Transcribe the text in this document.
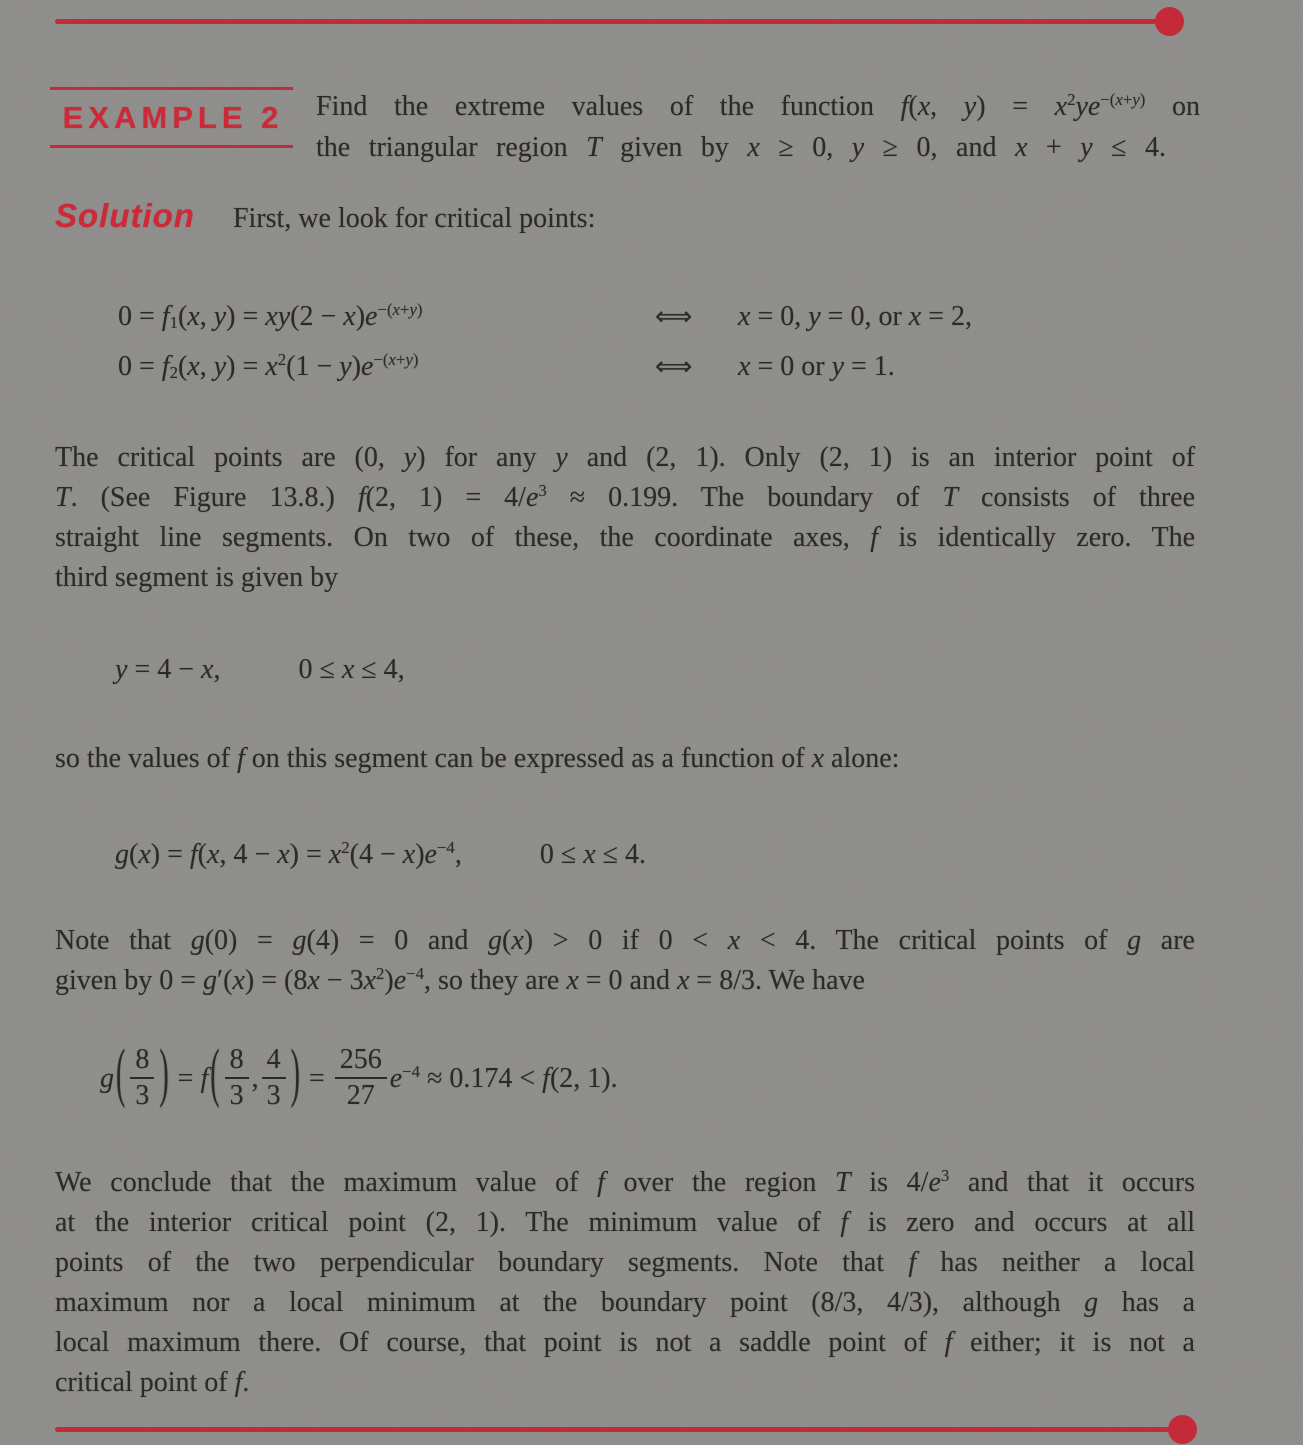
EXAMPLE 2	Find the extreme values of the function f(x, $y) = x^2ye^{-(x+y)}$ on
the triangular region T given by x ≥ 0, y ≥ 0, and x + y ≤ 4.
Solution First, we look for critical points:
$0 = f_1(x$, $y) = xy(2 - x)e^{-(x+y)}$	⟺	x = 0, y = 0, or x = 2,
$0 = f_2(x$, $y) = x^2(1 - y)e^{-(x+y)}$	⟺	x = 0 or y = 1.
The critical points are (0, y) for any y and (2, 1). Only (2, 1) is an interior point of
T. (See Figure 13.8.) f(2, $1) = 4/e^3 \approx 0.199$. The boundary of T consists of three
straight line segments. On two of these, the coordinate axes, f is identically zero. The
third segment is given by
y = 4 − x,	0 ≤ x ≤ 4,
so the values of f on this segment can be expressed as a function of x alone:
g(x) = f(x, $4 - x) = x^2(4 - x)e^{-4}$,	0 ≤ x ≤ 4.
Note that g(0) = g(4) = 0 and g(x) > 0 if 0 < x < 4. The critical points of g are
given by $0 = g'(x) = (8x - 3x^2)e^{-4}$, so they are x = 0 and x = 8/3. We have
$g( \frac{8}{3}$ ) = $f( \frac{8}{3}$ , $\frac{4}{3}$ ) = $\frac{256}{27} e^{-4} \approx 0.174 < f(2$, 1).
We conclude that the maximum value of f over the region T is $4/e^3$ and that it occurs
at the interior critical point (2, 1). The minimum value of f is zero and occurs at all
points of the two perpendicular boundary segments. Note that f has neither a local
maximum nor a local minimum at the boundary point (8/3, 4/3), although g has a
local maximum there. Of course, that point is not a saddle point of f either; it is not a
critical point of f.
